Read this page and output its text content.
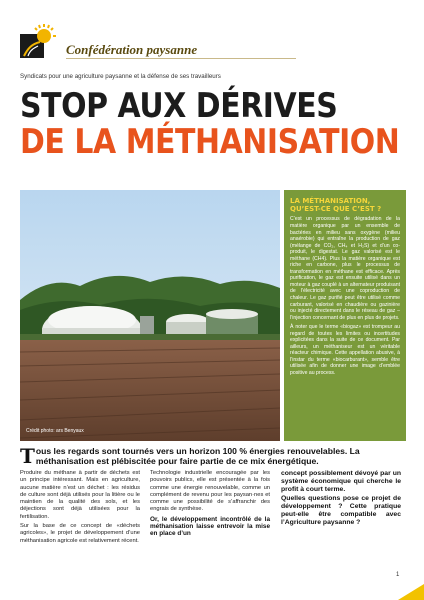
Confédération paysanne
Syndicats pour une agriculture paysanne et la défense de ses travailleurs
STOP AUX DÉRIVES
DE LA MÉTHANISATION
Crédit photo: ars Benyaux
LA MÉTHANISATION, QU’EST-CE QUE C’EST ?

C’est un processus de dégradation de la matière organique par un ensemble de bactéries en milieu sans oxygène (milieu anaérobie) qui entraîne la production de gaz (mélange de CO₂, CH₄ et H₂S) et d’un co-produit, le digestat. Le gaz valorisé est le méthane (CH4). Plus la matière organique est riche en carbone, plus le processus de transformation en méthane est efficace. Après purification, le gaz est ensuite utilisé dans un moteur à gaz couplé à un alternateur produisant de l’électricité avec une coproduction de chaleur. Le gaz purifié peut être utilisé comme carburant, valorisé en chaudière ou gazinière ou injecté directement dans le réseau de gaz – l’injection concernant de plus en plus de projets.

À noter que le terme «biogaz» est trompeur au regard de toutes les limites ou incertitudes explicitées dans la suite de ce document. Par ailleurs, un méthaniseur est un véritable réacteur chimique. Cette appellation abusive, à l’instar du terme «biocarburant», semble être utilisée afin de donner une image d’emblée positive au process.

Tous les regards sont tournés vers un horizon 100 % énergies renouvelables. La méthanisation est plébiscitée pour faire partie de ce mix énergétique.

Produire du méthane à partir de déchets est un principe intéressant. Mais en agriculture, aucune matière n’est un déchet : les résidus de culture sont déjà utilisés pour la litière ou le maintien de la qualité des sols, et les déjections sont déjà utilisées pour la fertilisation.

Sur la base de ce concept de «déchets agricoles», le projet de développement d’une méthanisation agricole est relativement récent.

Technologie industrielle encouragée par les pouvoirs publics, elle est présentée à la fois comme une énergie renouvelable, comme un complément de revenu pour les paysan·nes et comme une possibilité de s’affranchir des engrais de synthèse.

Or, le développement incontrôlé de la méthanisation laisse entrevoir la mise en place d’un

concept possiblement dévoyé par un système économique qui cherche le profit à court terme.

Quelles questions pose ce projet de développement ? Cette pratique peut-elle être compatible avec l’Agriculture paysanne ?

1
